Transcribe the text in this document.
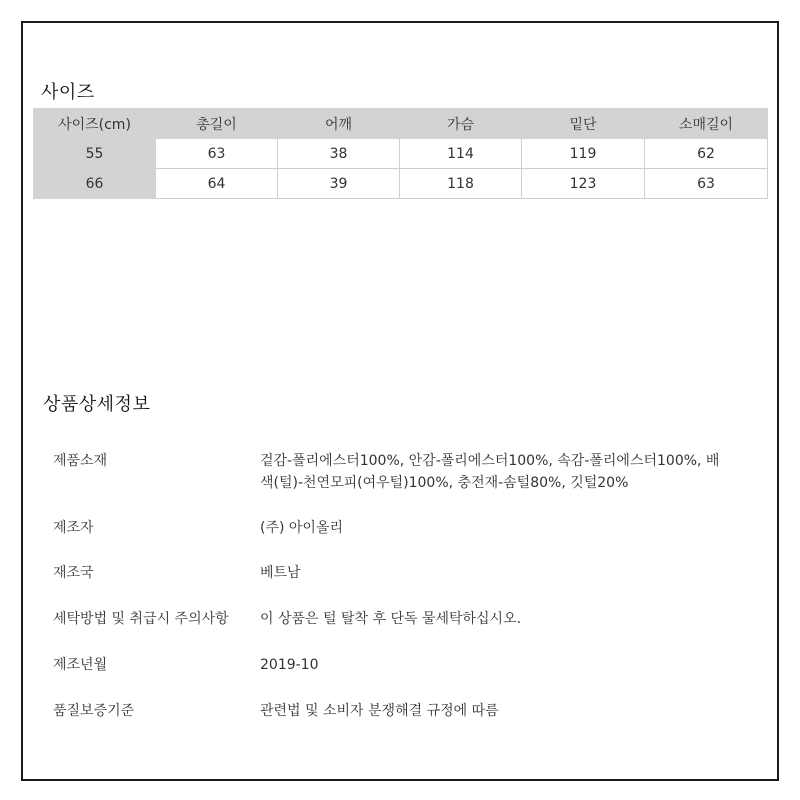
사이즈
사이즈(cm)	총길이	어깨	가슴	밑단	소매길이
55	63	38	114	119	62
66	64	39	118	123	63
상품상세정보
제품소재	겉감-폴리에스터100%, 안감-폴리에스터100%, 속감-폴리에스터100%, 배색(털)-천연모피(여우털)100%, 충전재-솜털80%, 깃털20%
제조자	(주) 아이올리
재조국	베트남
세탁방법 및 취급시 주의사항	이 상품은 털 탈착 후 단독 물세탁하십시오.
제조년월	2019-10
품질보증기준	관련법 및 소비자 분쟁해결 규정에 따름
